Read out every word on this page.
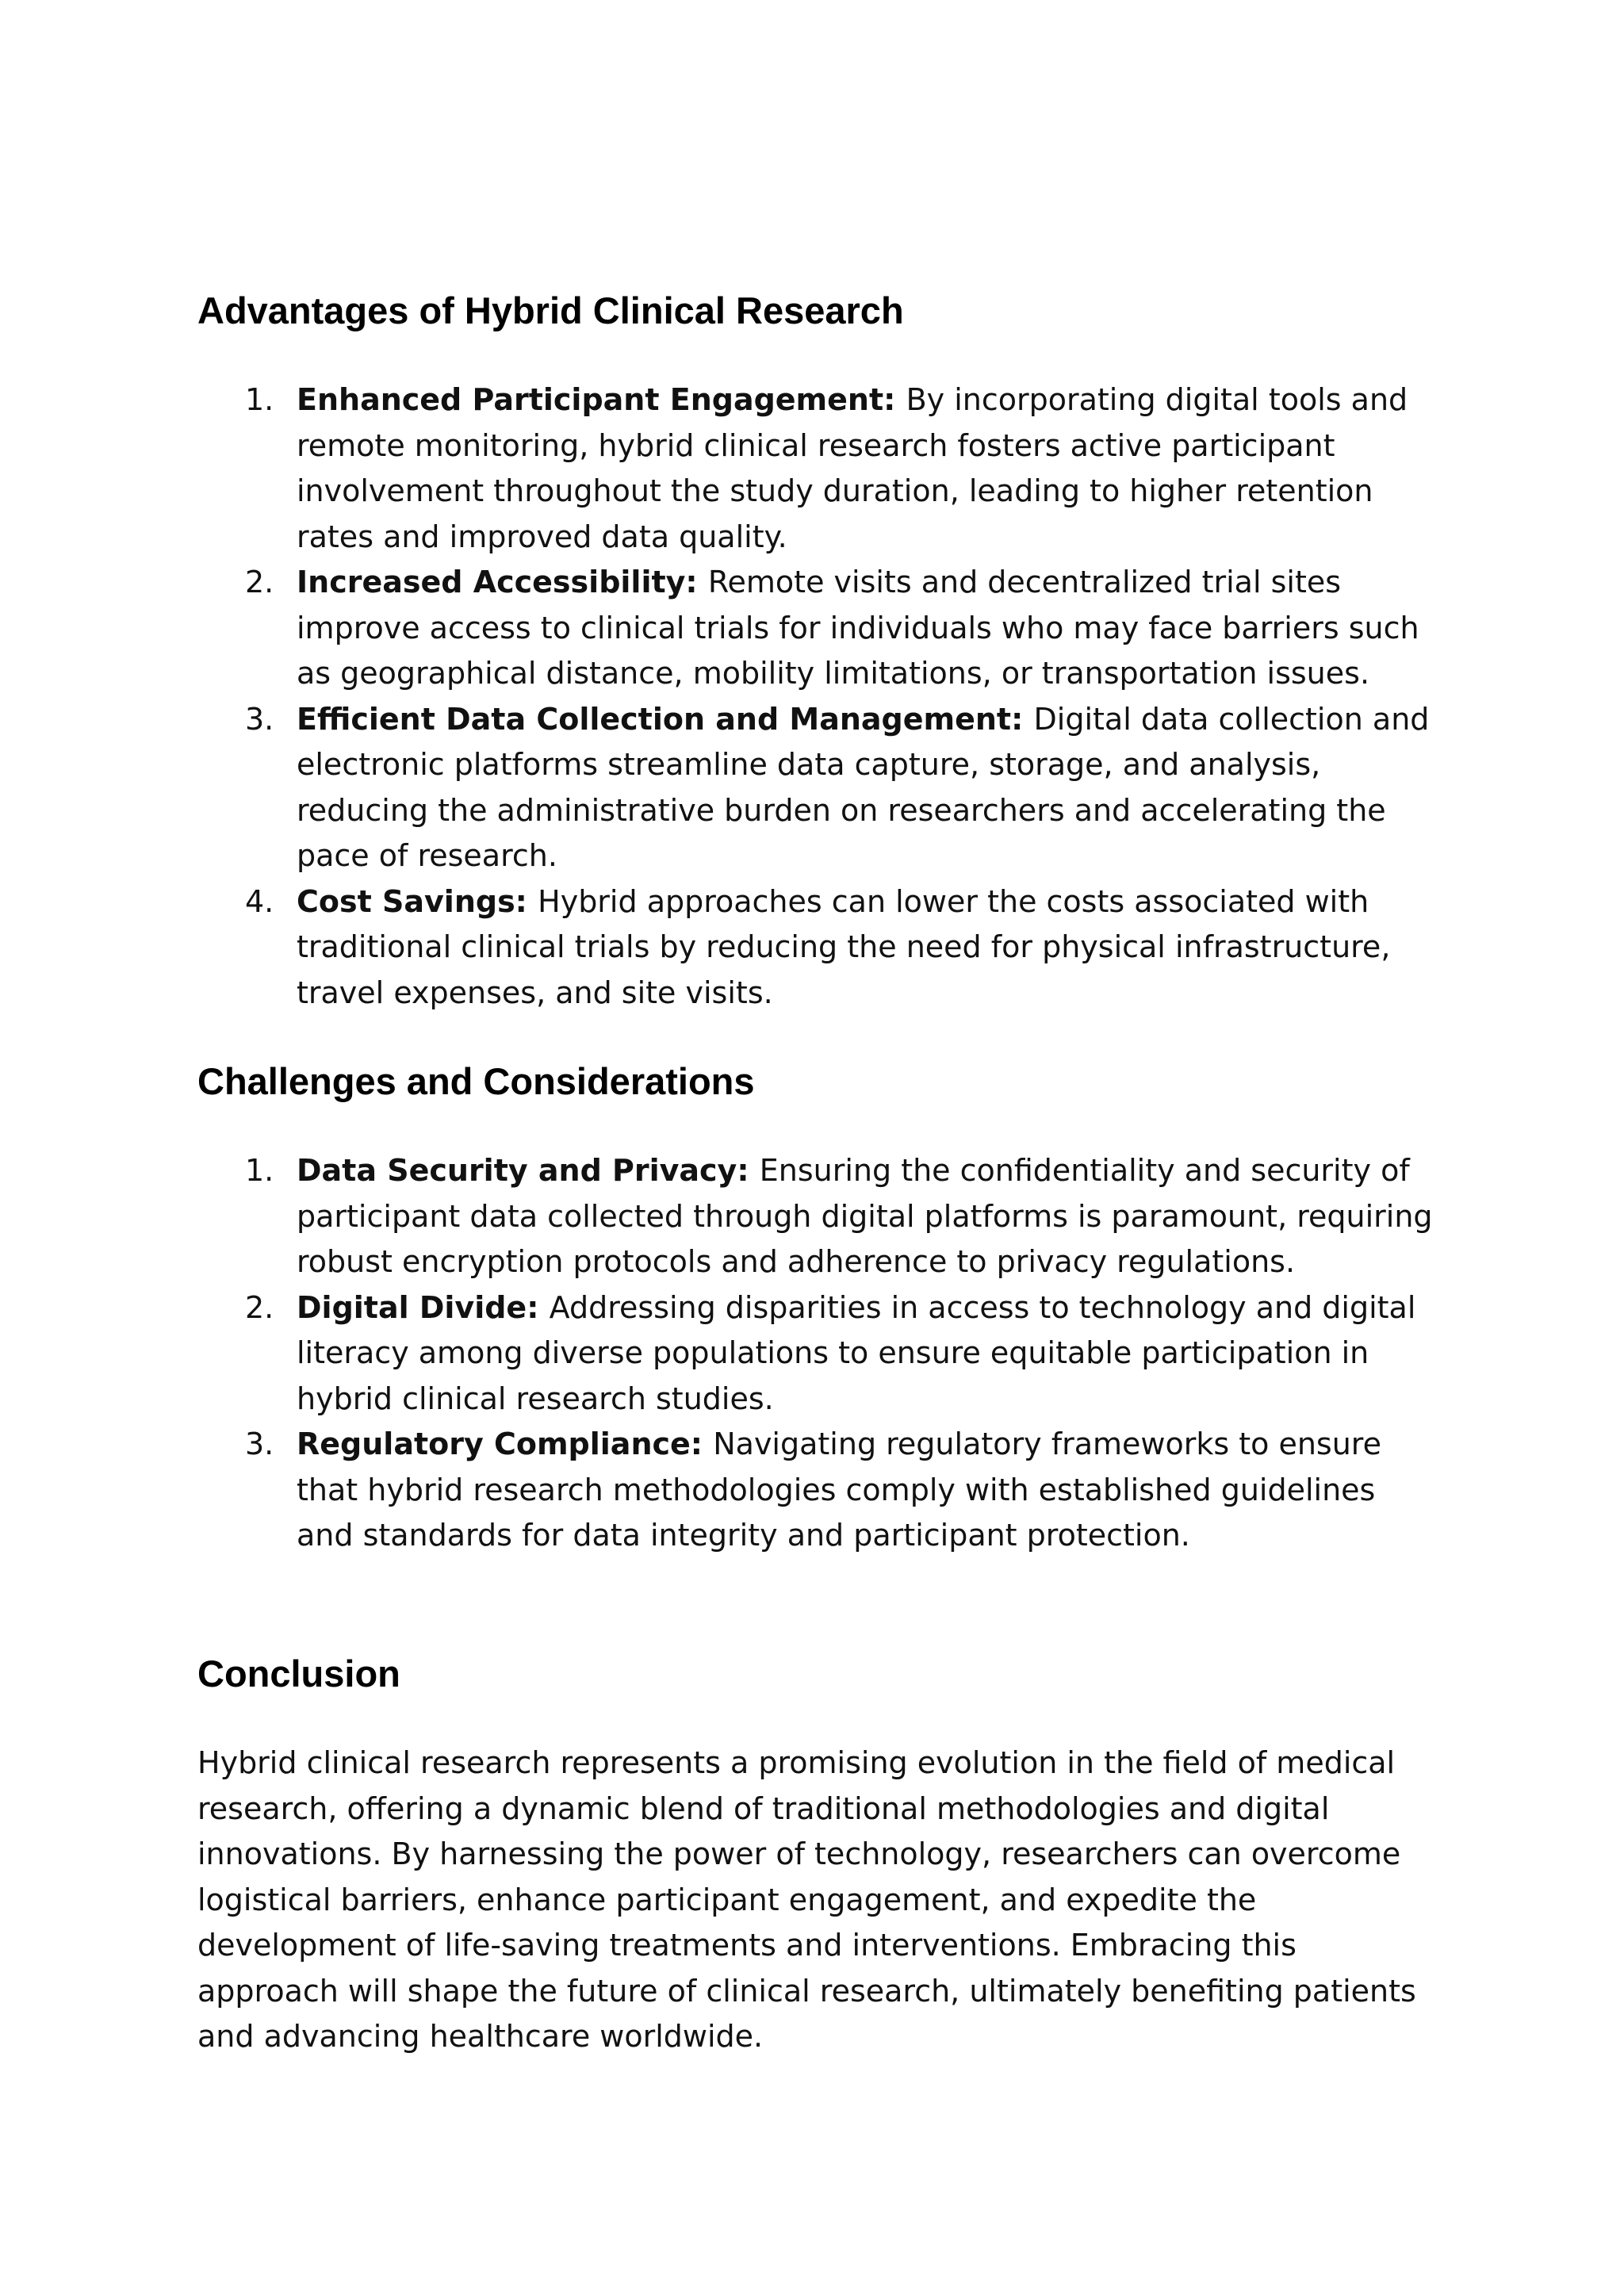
Advantages of Hybrid Clinical Research
1. Enhanced Participant Engagement: By incorporating digital tools and remote monitoring, hybrid clinical research fosters active participant involvement throughout the study duration, leading to higher retention rates and improved data quality.
2. Increased Accessibility: Remote visits and decentralized trial sites improve access to clinical trials for individuals who may face barriers such as geographical distance, mobility limitations, or transportation issues.
3. Efficient Data Collection and Management: Digital data collection and electronic platforms streamline data capture, storage, and analysis, reducing the administrative burden on researchers and accelerating the pace of research.
4. Cost Savings: Hybrid approaches can lower the costs associated with traditional clinical trials by reducing the need for physical infrastructure, travel expenses, and site visits.
Challenges and Considerations
1. Data Security and Privacy: Ensuring the confidentiality and security of participant data collected through digital platforms is paramount, requiring robust encryption protocols and adherence to privacy regulations.
2. Digital Divide: Addressing disparities in access to technology and digital literacy among diverse populations to ensure equitable participation in hybrid clinical research studies.
3. Regulatory Compliance: Navigating regulatory frameworks to ensure that hybrid research methodologies comply with established guidelines and standards for data integrity and participant protection.
Conclusion

Hybrid clinical research represents a promising evolution in the field of medical research, offering a dynamic blend of traditional methodologies and digital innovations. By harnessing the power of technology, researchers can overcome logistical barriers, enhance participant engagement, and expedite the development of life-saving treatments and interventions. Embracing this approach will shape the future of clinical research, ultimately benefiting patients and advancing healthcare worldwide.
